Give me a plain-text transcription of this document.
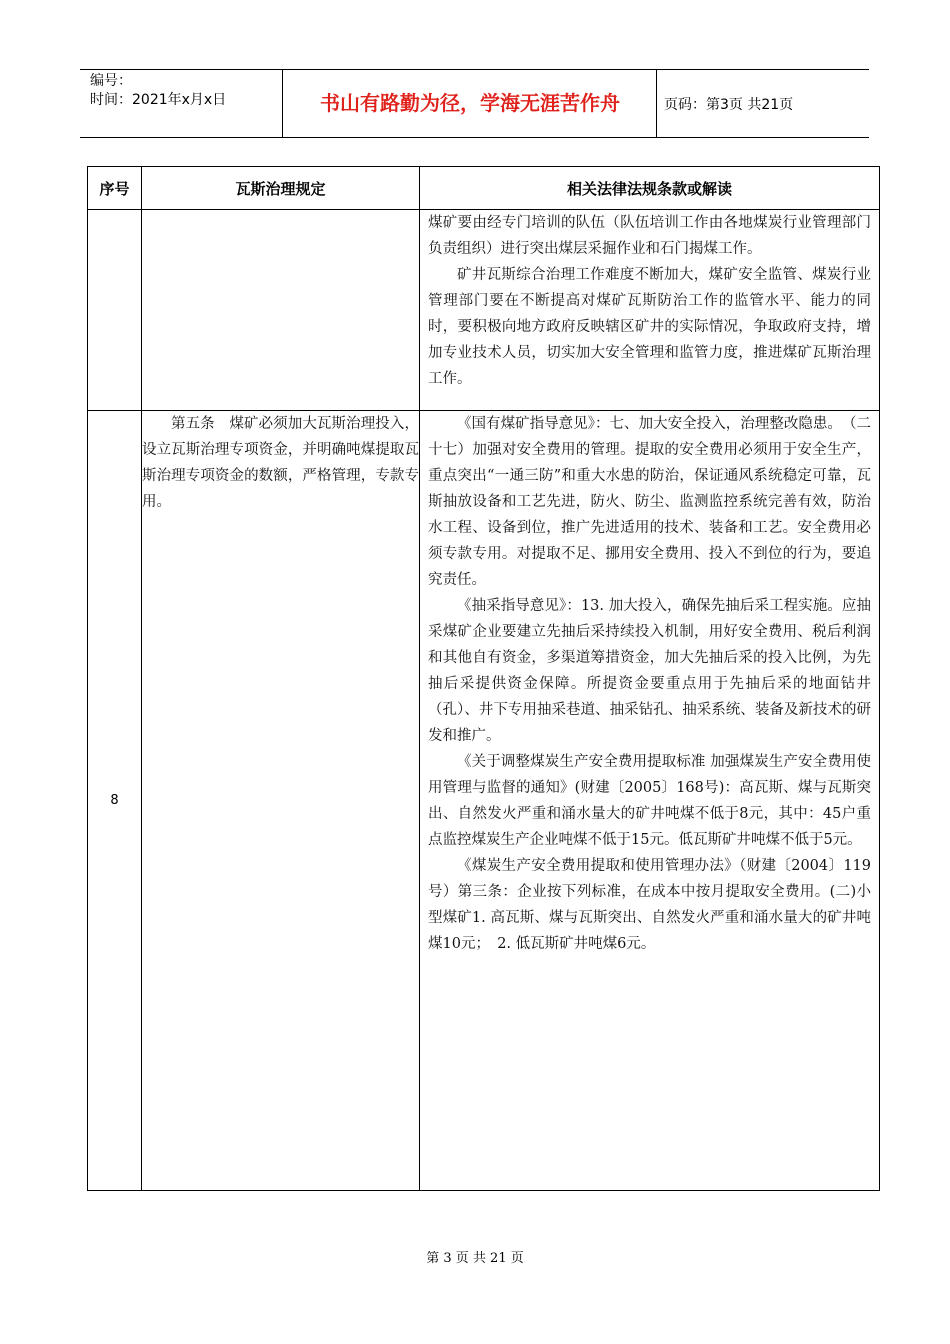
编号：
时间：2021年x月x日	书山有路勤为径，学海无涯苦作舟	页码：第3页 共21页
序号	瓦斯治理规定	相关法律法规条款或解读

		煤矿要由经专门培训的队伍（队伍培训工作由各地煤炭行业管理部门负责组织）进行突出煤层采掘作业和石门揭煤工作。
矿井瓦斯综合治理工作难度不断加大，煤矿安全监管、煤炭行业管理部门要在不断提高对煤矿瓦斯防治工作的监管水平、能力的同时，要积极向地方政府反映辖区矿井的实际情况，争取政府支持，增加专业技术人员，切实加大安全管理和监管力度，推进煤矿瓦斯治理工作。

8	第五条　煤矿必须加大瓦斯治理投入，设立瓦斯治理专项资金，并明确吨煤提取瓦斯治理专项资金的数额，严格管理，专款专用。	《国有煤矿指导意见》：七、加大安全投入，治理整改隐患。　（二十七）加强对安全费用的管理。提取的安全费用必须用于安全生产，重点突出“一通三防”和重大水患的防治，保证通风系统稳定可靠，瓦斯抽放设备和工艺先进，防火、防尘、监测监控系统完善有效，防治水工程、设备到位，推广先进适用的技术、装备和工艺。安全费用必须专款专用。对提取不足、挪用安全费用、投入不到位的行为，要追究责任。
《抽采指导意见》：13. 加大投入，确保先抽后采工程实施。应抽采煤矿企业要建立先抽后采持续投入机制，用好安全费用、税后利润和其他自有资金，多渠道筹措资金，加大先抽后采的投入比例，为先抽后采提供资金保障。所提资金要重点用于先抽后采的地面钻井（孔）、井下专用抽采巷道、抽采钻孔、抽采系统、装备及新技术的研发和推广。
《关于调整煤炭生产安全费用提取标准 加强煤炭生产安全费用使用管理与监督的通知》(财建〔2005〕168号)：高瓦斯、煤与瓦斯突出、自然发火严重和涌水量大的矿井吨煤不低于8元，其中：45户重点监控煤炭生产企业吨煤不低于15元。低瓦斯矿井吨煤不低于5元。
《煤炭生产安全费用提取和使用管理办法》（财建〔2004〕119号）第三条：企业按下列标准，在成本中按月提取安全费用。(二)小型煤矿1. 高瓦斯、煤与瓦斯突出、自然发火严重和涌水量大的矿井吨煤10元；　2. 低瓦斯矿井吨煤6元。
第 3 页 共 21 页
